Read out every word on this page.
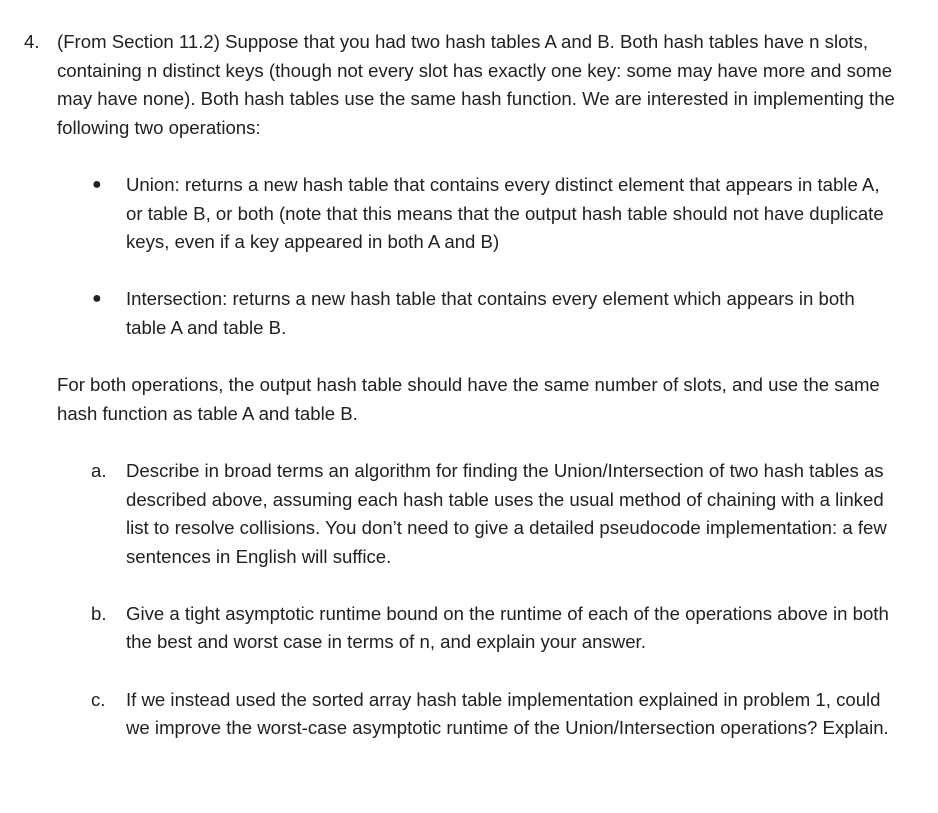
4. (From Section 11.2) Suppose that you had two hash tables A and B. Both hash tables have n slots, containing n distinct keys (though not every slot has exactly one key: some may have more and some may have none). Both hash tables use the same hash function. We are interested in implementing the following two operations:
● Union: returns a new hash table that contains every distinct element that appears in table A, or table B, or both (note that this means that the output hash table should not have duplicate keys, even if a key appeared in both A and B)
● Intersection: returns a new hash table that contains every element which appears in both table A and table B.

For both operations, the output hash table should have the same number of slots, and use the same hash function as table A and table B.

a. Describe in broad terms an algorithm for finding the Union/Intersection of two hash tables as described above, assuming each hash table uses the usual method of chaining with a linked list to resolve collisions. You don’t need to give a detailed pseudocode implementation: a few sentences in English will suffice.
b. Give a tight asymptotic runtime bound on the runtime of each of the operations above in both the best and worst case in terms of n, and explain your answer.
c. If we instead used the sorted array hash table implementation explained in problem 1, could we improve the worst-case asymptotic runtime of the Union/Intersection operations? Explain.
